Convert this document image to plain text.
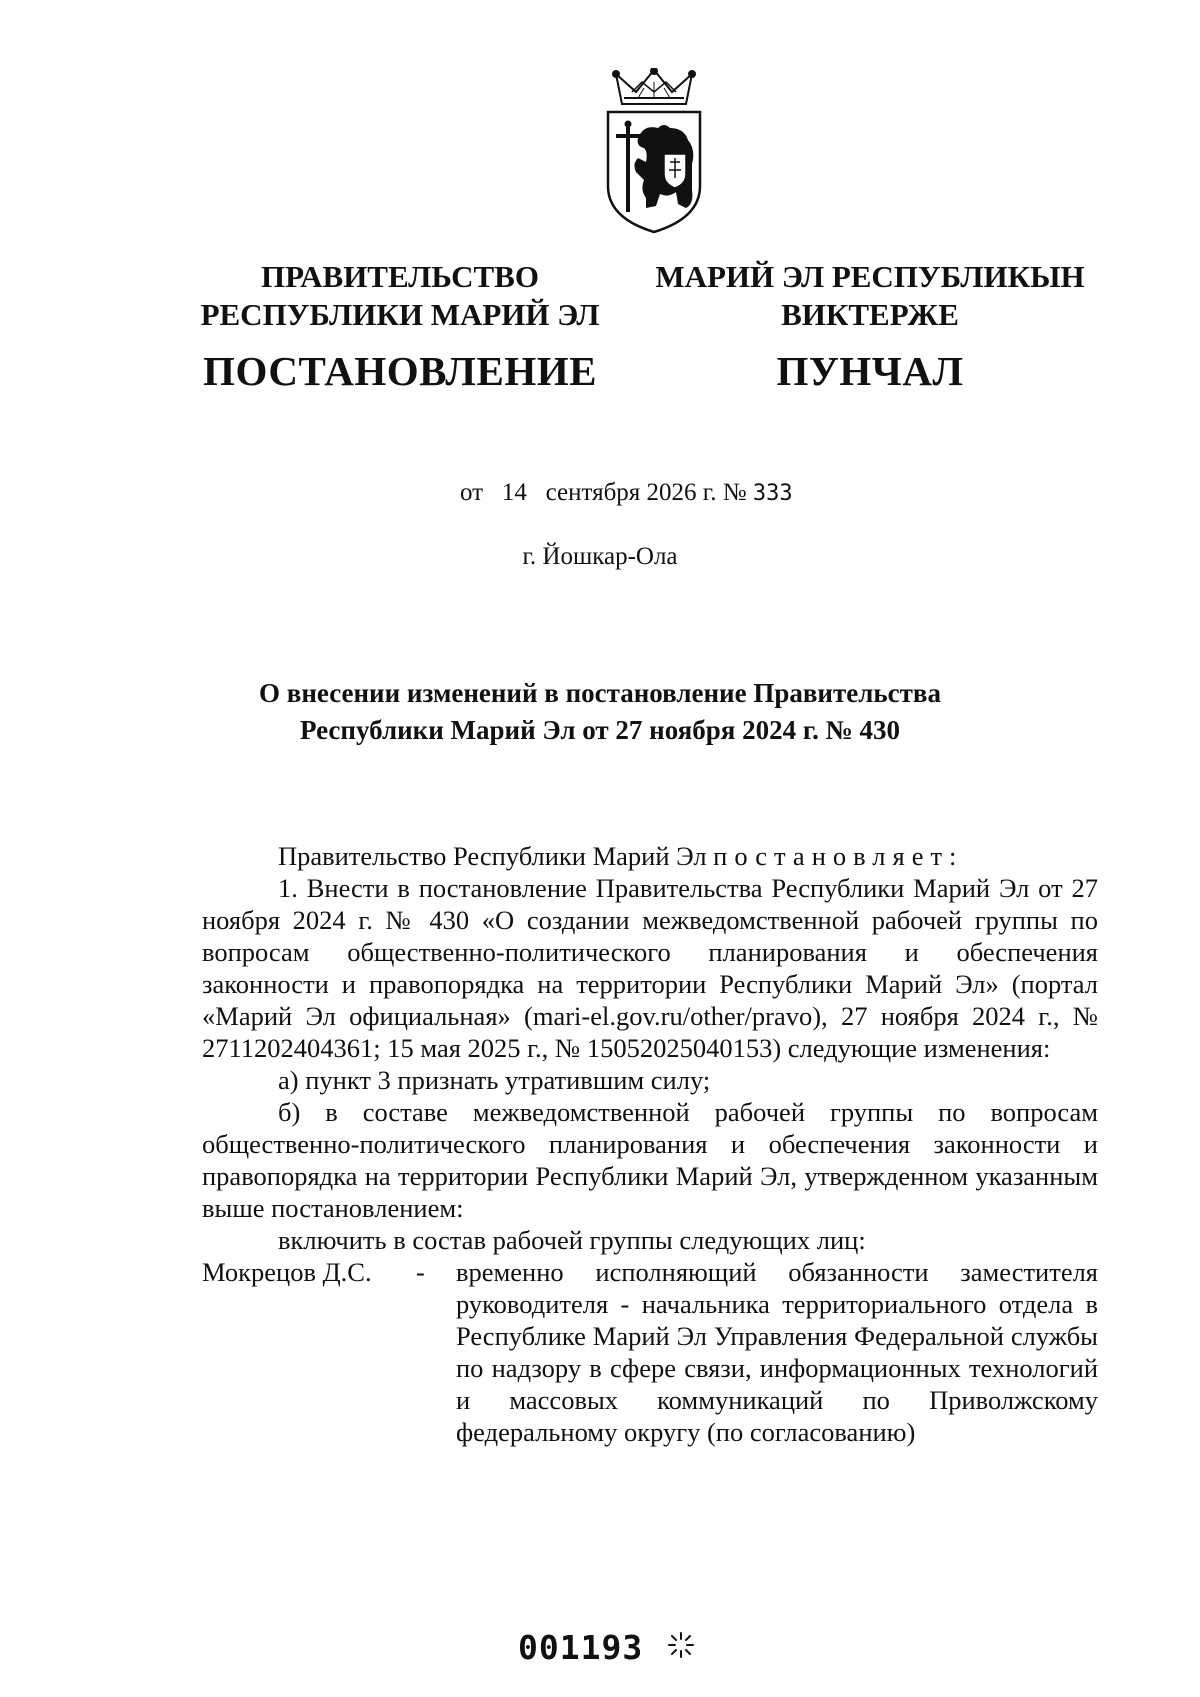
ПРАВИТЕЛЬСТВО
РЕСПУБЛИКИ МАРИЙ ЭЛ
ПОСТАНОВЛЕНИЕ
МАРИЙ ЭЛ РЕСПУБЛИКЫН
ВИКТЕРЖЕ
ПУНЧАЛ
от 14 сентября 2026 г. № 333
г. Йошкар-Ола
О внесении изменений в постановление Правительства
Республики Марий Эл от 27 ноября 2024 г. № 430

Правительство Республики Марий Эл постановляет:

1. Внести в постановление Правительства Республики Марий Эл от 27 ноября 2024 г. № 430 «О создании межведомственной рабочей группы по вопросам общественно-политического планирования и обеспечения законности и правопорядка на территории Республики Марий Эл» (портал «Марий Эл официальная» (mari-el.gov.ru/other/pravo), 27 ноября 2024 г., № 2711202404361; 15 мая 2025 г., № 15052025040153) следующие изменения:

а) пункт 3 признать утратившим силу;

б) в составе межведомственной рабочей группы по вопросам общественно-политического планирования и обеспечения законности и правопорядка на территории Республики Марий Эл, утвержденном указанным выше постановлением:

включить в состав рабочей группы следующих лиц:

Мокрецов Д.С.	-	временно исполняющий обязанности заместителя руководителя - начальника территориального отдела в Республике Марий Эл Управления Федеральной службы по надзору в сфере связи, информационных технологий и массовых коммуникаций по Приволжскому федеральному округу (по согласованию)
001193
